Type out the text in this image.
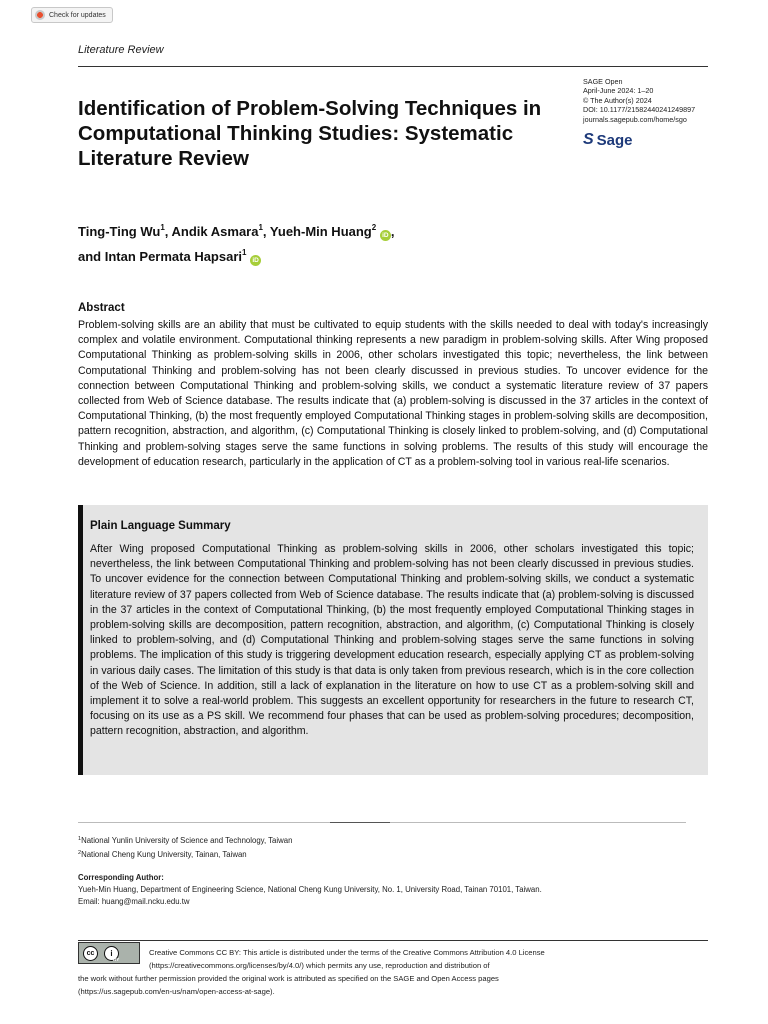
Check for updates
Literature Review
SAGE Open
April-June 2024: 1–20
© The Author(s) 2024
DOI: 10.1177/21582440241249897
journals.sagepub.com/home/sgo
S Sage
Identification of Problem-Solving Techniques in Computational Thinking Studies: Systematic Literature Review
Ting-Ting Wu$^1$, Andik Asmara$^1$, Yueh-Min Huang$^2$ iD ,
and Intan Permata Hapsari$^1$ iD
Abstract
Problem-solving skills are an ability that must be cultivated to equip students with the skills needed to deal with today's increasingly complex and volatile environment. Computational thinking represents a new paradigm in problem-solving skills. After Wing proposed Computational Thinking as problem-solving skills in 2006, other scholars investigated this topic; nevertheless, the link between Computational Thinking and problem-solving has not been clearly discussed in previous studies. To uncover evidence for the connection between Computational Thinking and problem-solving skills, we conduct a systematic literature review of 37 papers collected from Web of Science database. The results indicate that (a) problem-solving is discussed in the 37 articles in the context of Computational Thinking, (b) the most frequently employed Computational Thinking stages in problem-solving skills are decomposition, pattern recognition, abstraction, and algorithm, (c) Computational Thinking is closely linked to problem-solving, and (d) Computational Thinking and problem-solving stages serve the same functions in solving problems. The results of this study will encourage the development of education research, particularly in the application of CT as a problem-solving tool in various real-life scenarios.
Plain Language Summary
After Wing proposed Computational Thinking as problem-solving skills in 2006, other scholars investigated this topic; nevertheless, the link between Computational Thinking and problem-solving has not been clearly discussed in previous studies. To uncover evidence for the connection between Computational Thinking and problem-solving skills, we conduct a systematic literature review of 37 papers collected from Web of Science database. The results indicate that (a) problem-solving is discussed in the 37 articles in the context of Computational Thinking, (b) the most frequently employed Computational Thinking stages in problem-solving skills are decomposition, pattern recognition, abstraction, and algorithm, (c) Computational Thinking is closely linked to problem-solving, and (d) Computational Thinking and problem-solving stages serve the same functions in solving problems. The implication of this study is triggering development education research, especially applying CT as problem-solving in various daily cases. The limitation of this study is that data is only taken from previous research, which is in the core collection of the Web of Science. In addition, still a lack of explanation in the literature on how to use CT as a problem-solving skill and implement it to solve a real-world problem. This suggests an excellent opportunity for researchers in the future to research CT, focusing on its use as a PS skill. We recommend four phases that can be used as problem-solving procedures; decomposition, pattern recognition, abstraction, and algorithm.
$^1$National Yunlin University of Science and Technology, Taiwan
$^2$National Cheng Kung University, Tainan, Taiwan
Corresponding Author:
Yueh-Min Huang, Department of Engineering Science, National Cheng Kung University, No. 1, University Road, Tainan 70101, Taiwan.
Email: huang@mail.ncku.edu.tw
cc	i
BY
Creative Commons CC BY: This article is distributed under the terms of the Creative Commons Attribution 4.0 License
(https://creativecommons.org/licenses/by/4.0/) which permits any use, reproduction and distribution of
the work without further permission provided the original work is attributed as specified on the SAGE and Open Access pages
(https://us.sagepub.com/en-us/nam/open-access-at-sage).
